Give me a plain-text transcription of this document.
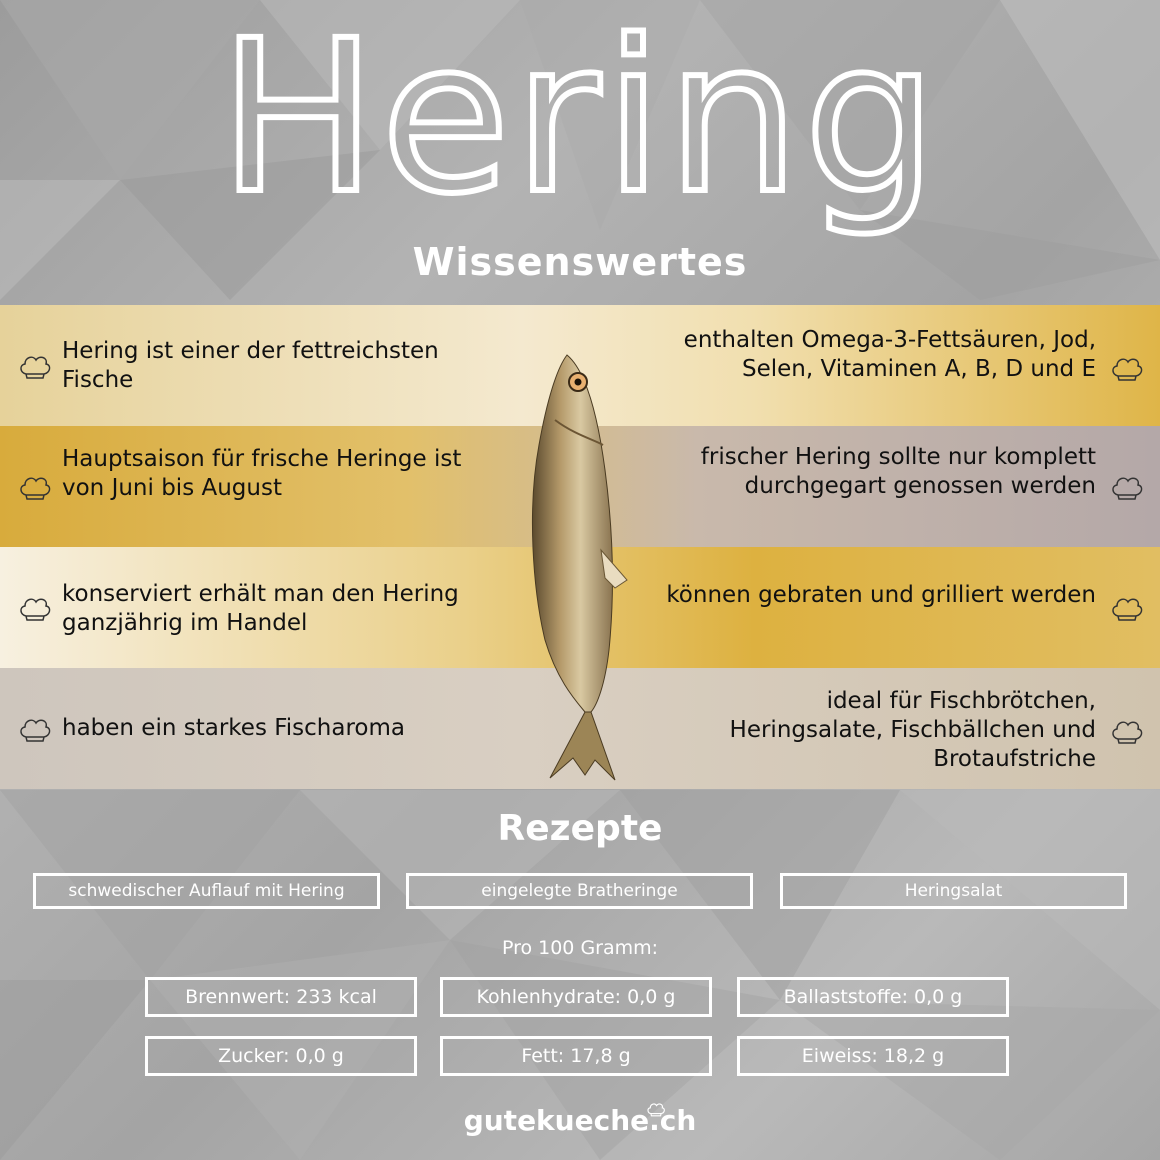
Hering
Wissenswertes
Hering ist einer der fettreichsten Fische
Hauptsaison für frische Heringe ist von Juni bis August
konserviert erhält man den Hering ganzjährig im Handel
haben ein starkes Fischaroma
enthalten Omega-3-Fettsäuren, Jod, Selen, Vitaminen A, B, D und E
frischer Hering sollte nur komplett durchgegart genossen werden
können gebraten und grilliert werden
ideal für Fischbrötchen, Heringsalate, Fischbällchen und Brotaufstriche
Rezepte
schwedischer Auflauf mit Hering	eingelegte Bratheringe	Heringsalat
Pro 100 Gramm:
Brennwert: 233 kcal	Kohlenhydrate: 0,0 g	Ballaststoffe: 0,0 g
Zucker: 0,0 g	Fett: 17,8 g	Eiweiss: 18,2 g
gutekueche.ch
